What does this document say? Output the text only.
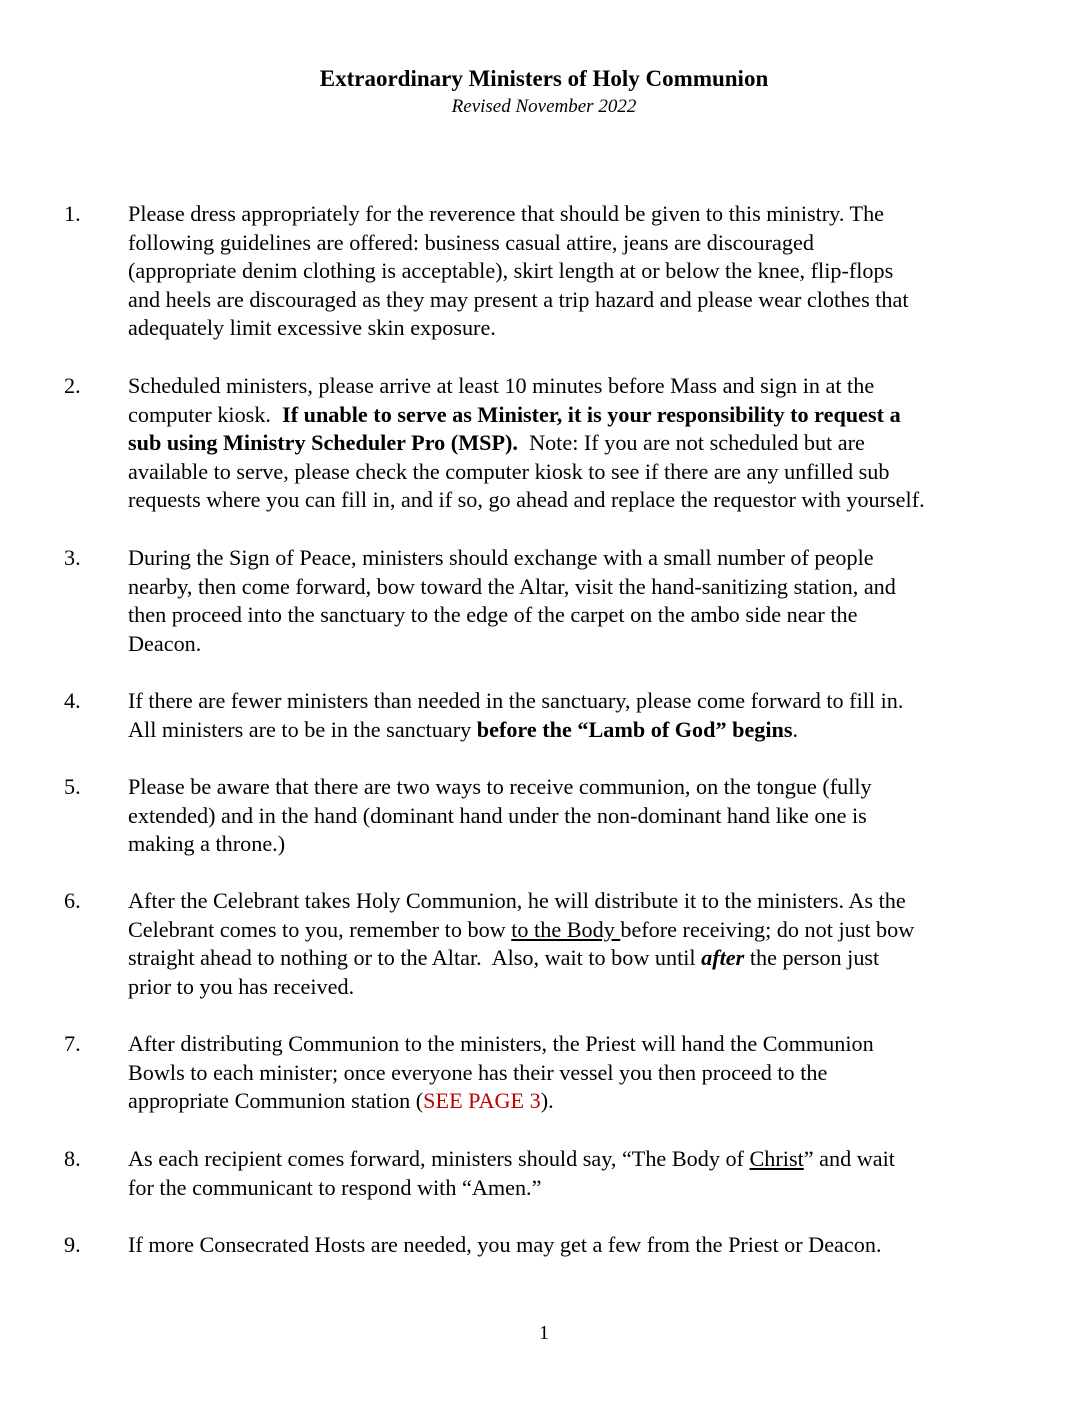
Extraordinary Ministers of Holy Communion
Revised November 2022
1. Please dress appropriately for the reverence that should be given to this ministry. The
following guidelines are offered: business casual attire, jeans are discouraged
(appropriate denim clothing is acceptable), skirt length at or below the knee, flip-flops
and heels are discouraged as they may present a trip hazard and please wear clothes that
adequately limit excessive skin exposure.
2. Scheduled ministers, please arrive at least 10 minutes before Mass and sign in at the
computer kiosk.  If unable to serve as Minister, it is your responsibility to request a
sub using Ministry Scheduler Pro (MSP).  Note: If you are not scheduled but are
available to serve, please check the computer kiosk to see if there are any unfilled sub
requests where you can fill in, and if so, go ahead and replace the requestor with yourself.
3. During the Sign of Peace, ministers should exchange with a small number of people
nearby, then come forward, bow toward the Altar, visit the hand-sanitizing station, and
then proceed into the sanctuary to the edge of the carpet on the ambo side near the
Deacon.
4. If there are fewer ministers than needed in the sanctuary, please come forward to fill in.
All ministers are to be in the sanctuary before the “Lamb of God” begins.
5. Please be aware that there are two ways to receive communion, on the tongue (fully
extended) and in the hand (dominant hand under the non-dominant hand like one is
making a throne.)
6. After the Celebrant takes Holy Communion, he will distribute it to the ministers. As the
Celebrant comes to you, remember to bow to the Body before receiving; do not just bow
straight ahead to nothing or to the Altar.  Also, wait to bow until after the person just
prior to you has received.
7. After distributing Communion to the ministers, the Priest will hand the Communion
Bowls to each minister; once everyone has their vessel you then proceed to the
appropriate Communion station (SEE PAGE 3).
8. As each recipient comes forward, ministers should say, “The Body of Christ” and wait
for the communicant to respond with “Amen.”
9. If more Consecrated Hosts are needed, you may get a few from the Priest or Deacon.
1
